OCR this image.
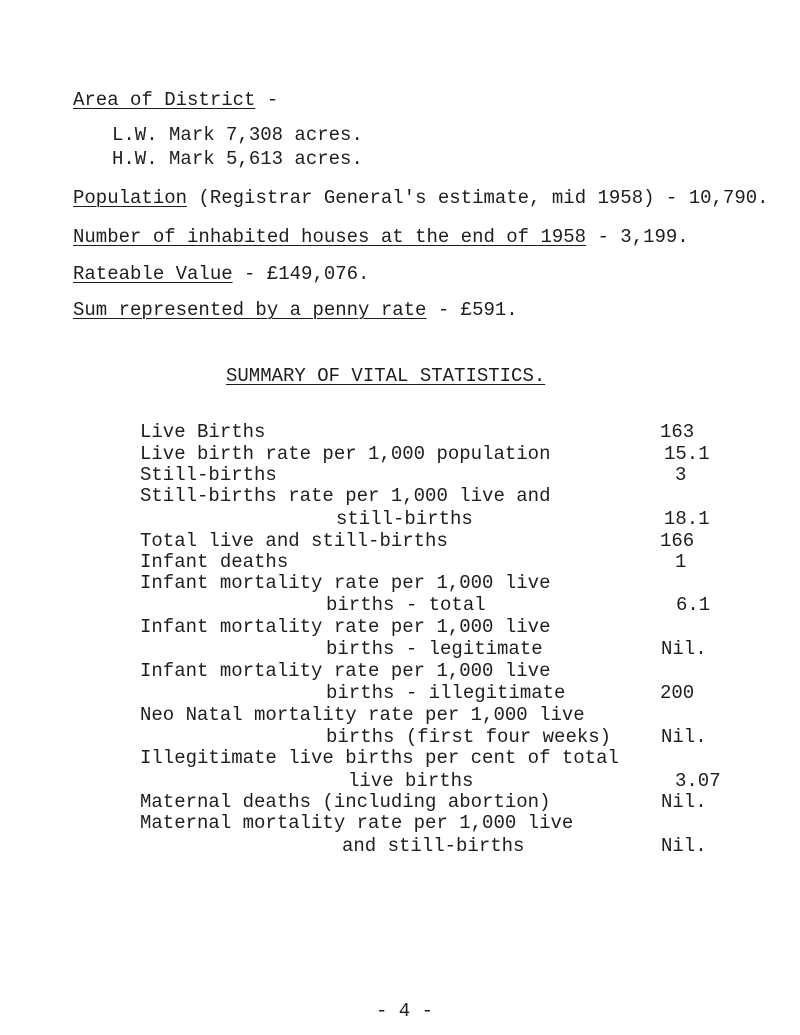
Area of District -
L.W. Mark 7,308 acres.
H.W. Mark 5,613 acres.
Population (Registrar General's estimate, mid 1958) - 10,790.
Number of inhabited houses at the end of 1958 - 3,199.
Rateable Value - £149,076.
Sum represented by a penny rate - £591.
SUMMARY OF VITAL STATISTICS.
Live Births	163
Live birth rate per 1,000 population	15.1
Still-births	3
Still-births rate per 1,000 live and
still-births	18.1
Total live and still-births	166
Infant deaths	1
Infant mortality rate per 1,000 live
births - total	6.1
Infant mortality rate per 1,000 live
births - legitimate	Nil.
Infant mortality rate per 1,000 live
births - illegitimate	200
Neo Natal mortality rate per 1,000 live
births (first four weeks)	Nil.
Illegitimate live births per cent of total
live births	3.07
Maternal deaths (including abortion)	Nil.
Maternal mortality rate per 1,000 live
and still-births	Nil.
- 4 -
